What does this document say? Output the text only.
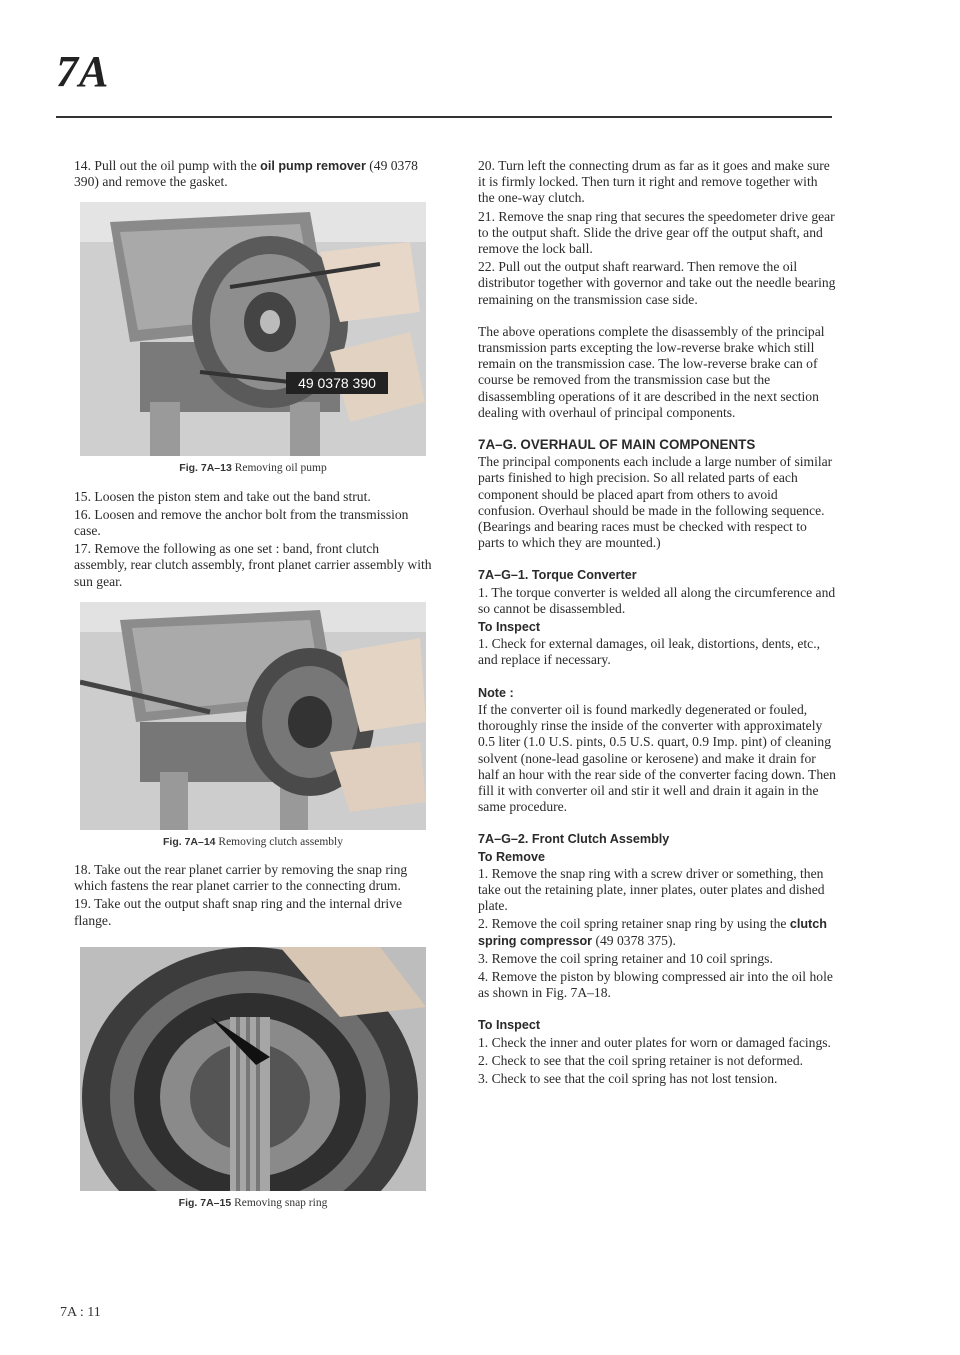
7A

14. Pull out the oil pump with the oil pump remover (49 0378 390) and remove the gasket.

49 0378 390
Fig. 7A–13 Removing oil pump

15. Loosen the piston stem and take out the band strut.

16. Loosen and remove the anchor bolt from the transmission case.

17. Remove the following as one set : band, front clutch assembly, rear clutch assembly, front planet carrier assembly with sun gear.

Fig. 7A–14 Removing clutch assembly

18. Take out the rear planet carrier by removing the snap ring which fastens the rear planet carrier to the connecting drum.

19. Take out the output shaft snap ring and the internal drive flange.

Fig. 7A–15 Removing snap ring

20. Turn left the connecting drum as far as it goes and make sure it is firmly locked. Then turn it right and remove together with the one-way clutch.

21. Remove the snap ring that secures the speedometer drive gear to the output shaft. Slide the drive gear off the output shaft, and remove the lock ball.

22. Pull out the output shaft rearward. Then remove the oil distributor together with governor and take out the needle bearing remaining on the transmission case side.

The above operations complete the disassembly of the principal transmission parts excepting the low-reverse brake which still remain on the transmission case. The low-reverse brake can of course be removed from the transmission case but the disassembling operations of it are described in the next section dealing with overhaul of principal components.

7A–G. OVERHAUL OF MAIN COMPONENTS

The principal components each include a large number of similar parts finished to high precision. So all related parts of each component should be placed apart from others to avoid confusion. Overhaul should be made in the following sequence. (Bearings and bearing races must be checked with respect to parts to which they are mounted.)

7A–G–1. Torque Converter

1. The torque converter is welded all along the circumference and so cannot be disassembled.

To Inspect

1. Check for external damages, oil leak, distortions, dents, etc., and replace if necessary.

Note :

If the converter oil is found markedly degenerated or fouled, thoroughly rinse the inside of the converter with approximately 0.5 liter (1.0 U.S. pints, 0.5 U.S. quart, 0.9 Imp. pint) of cleaning solvent (none-lead gasoline or kerosene) and make it drain for half an hour with the rear side of the converter facing down. Then fill it with converter oil and stir it well and drain it again in the same procedure.

7A–G–2. Front Clutch Assembly

To Remove

1. Remove the snap ring with a screw driver or something, then take out the retaining plate, inner plates, outer plates and dished plate.

2. Remove the coil spring retainer snap ring by using the clutch spring compressor (49 0378 375).

3. Remove the coil spring retainer and 10 coil springs.

4. Remove the piston by blowing compressed air into the oil hole as shown in Fig. 7A–18.

To Inspect

1. Check the inner and outer plates for worn or damaged facings.

2. Check to see that the coil spring retainer is not deformed.

3. Check to see that the coil spring has not lost tension.

7A : 11
